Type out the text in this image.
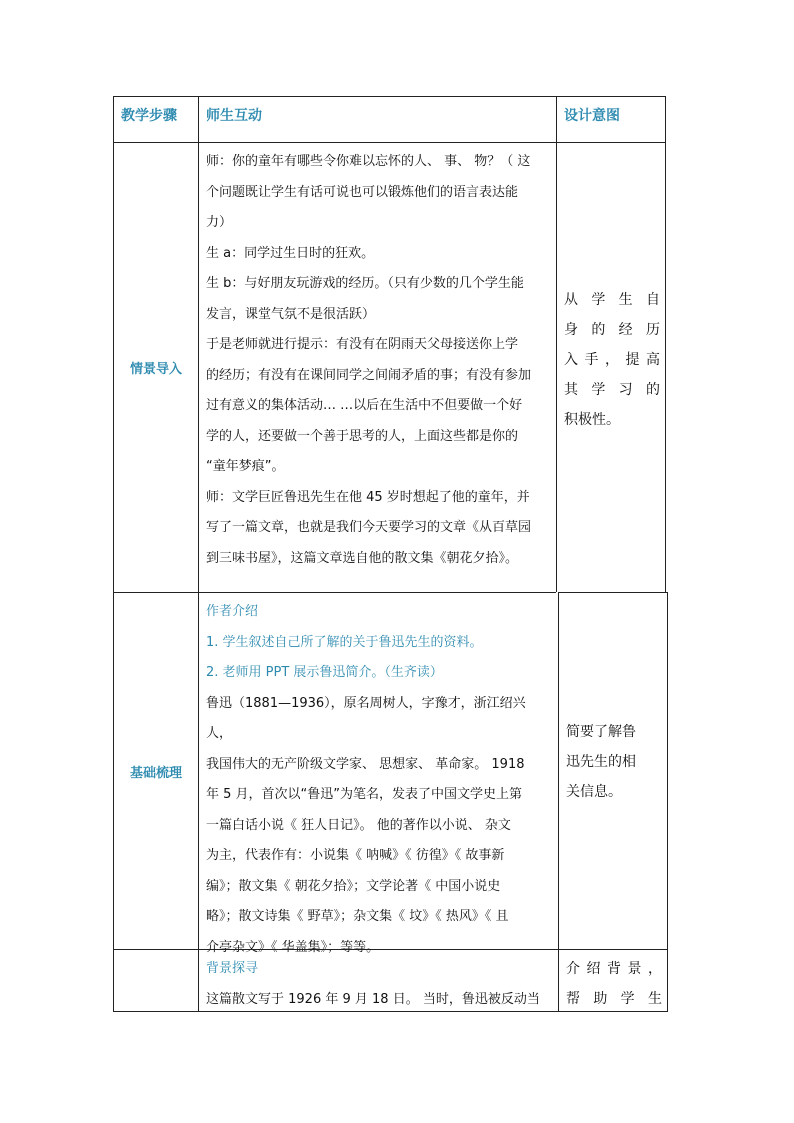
教学步骤 师生互动	设计意图
情景导入

师：你的童年有哪些令你难以忘怀的人、 事、 物？（ 这

个问题既让学生有话可说也可以锻炼他们的语言表达能

力）

生 a：同学过生日时的狂欢。

生 b：与好朋友玩游戏的经历。（只有少数的几个学生能

发言，课堂气氛不是很活跃）

于是老师就进行提示：有没有在阴雨天父母接送你上学

的经历；有没有在课间同学之间闹矛盾的事；有没有参加

过有意义的集体活动… …以后在生活中不但要做一个好

学的人，还要做一个善于思考的人，上面这些都是你的

“童年梦痕”。

师：文学巨匠鲁迅先生在他 45 岁时想起了他的童年，并

写了一篇文章，也就是我们今天要学习的文章《从百草园

到三味书屋》，这篇文章选自他的散文集《朝花夕拾》。

从学生自
身的经历
入手，提高
其学习的
积极性。
基础梳理

作者介绍

1. 学生叙述自己所了解的关于鲁迅先生的资料。

2. 老师用 PPT 展示鲁迅简介。（生齐读）

鲁迅（1881—1936），原名周树人，字豫才，浙江绍兴人，

我国伟大的无产阶级文学家、 思想家、 革命家。 1918

年 5 月，首次以“鲁迅”为笔名，发表了中国文学史上第

一篇白话小说《 狂人日记》。 他的著作以小说、 杂文

为主，代表作有：小说集《 呐喊》《 彷徨》《 故事新

编》；散文集《 朝花夕拾》；文学论著《 中国小说史

略》；散文诗集《 野草》；杂文集《 坟》《 热风》《 且

介亭杂文》《 华盖集》；等等。

简要了解鲁
迅先生的相
关信息。

背景探寻

这篇散文写于 1926 年 9 月 18 日。 当时，鲁迅被反动当

介绍背景，
帮助学生
